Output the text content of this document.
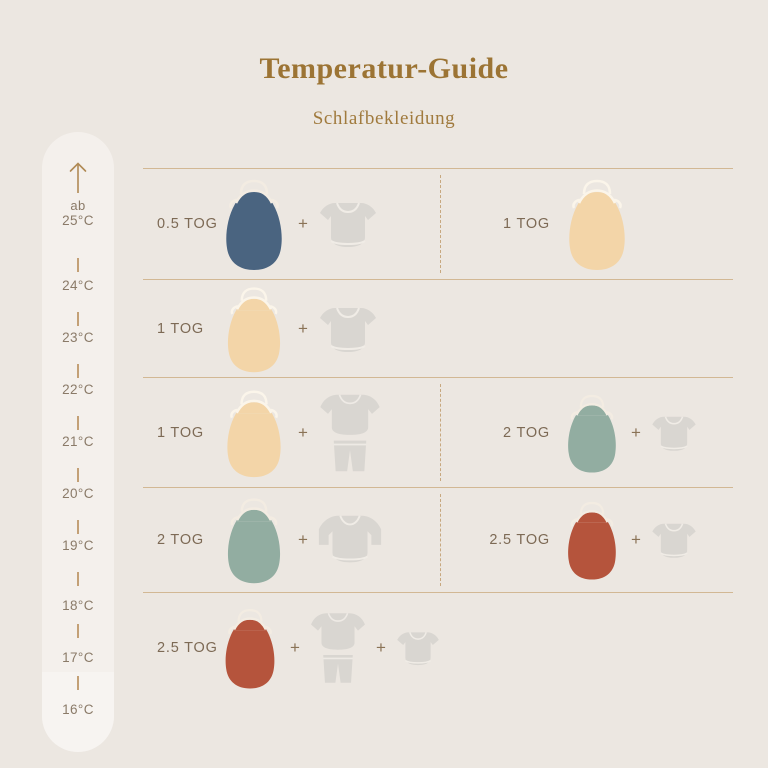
Temperatur-Guide
Schlafbekleidung
ab
25°C
24°C
23°C
22°C
21°C
20°C
19°C
18°C
17°C
16°C
0.5 TOG	+	1 TOG
1 TOG	+
1 TOG	+	2 TOG	+
2 TOG	+	2.5 TOG	+
2.5 TOG	+	+
